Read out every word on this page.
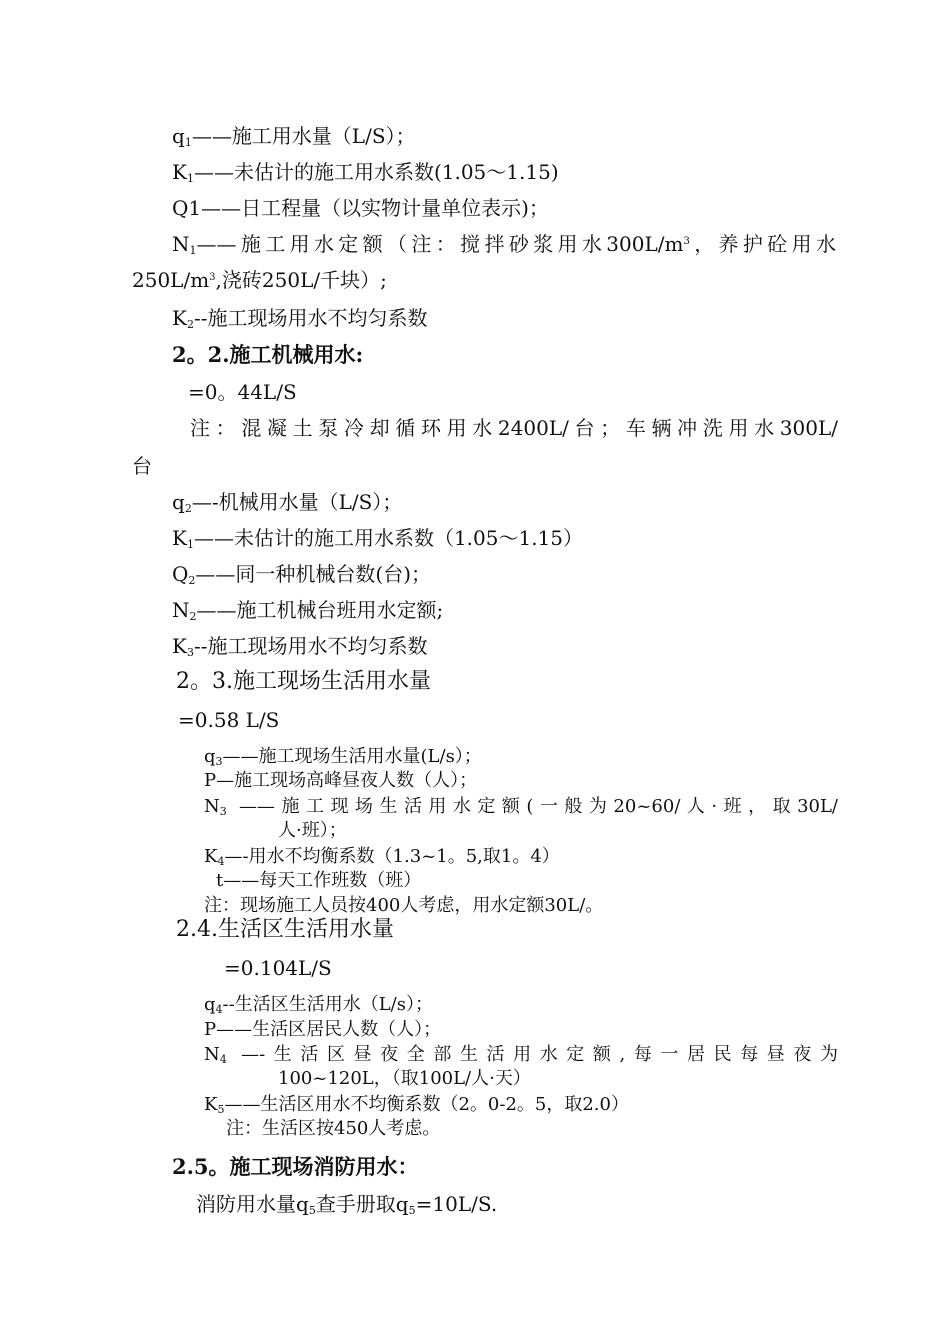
$q_1——$施工用水量（L/S）；
$K_1——$未估计的施工用水系数(1.05～1.15)
Q1——日工程量（以实物计量单位表示)；
$N_1——$施工用水定额（注：搅拌砂浆用水$300L/m^3$，养护砼用水
$250L/m^3$,浇砖250L/千块）;
$K_2--$施工现场用水不均匀系数
2。2.施工机械用水:
=0。44L/S
注：混凝土泵冷却循环用水2400L/台；车辆冲洗用水300L/
台
$q_2—-$机械用水量（L/S）；
$K_1——$未估计的施工用水系数（1.05～1.15）
$Q_2——$同一种机械台数(台)；
$N_2——$施工机械台班用水定额;
$K_3--$施工现场用水不均匀系数
2。3.施工现场生活用水量
=0.58 L/S
$q_3——$施工现场生活用水量(L/s）；
P—施工现场高峰昼夜人数（人）；
$N_3$ ——施工现场生活用水定额(一般为20~60/人·班，取30L/
人·班）；
$K_4—-$用水不均衡系数（1.3~1。5,取1。4）
t——每天工作班数（班）
注：现场施工人员按400人考虑，用水定额30L/。
2.4.生活区生活用水量
=0.104L/S
$q_4--$生活区生活用水（L/s）；
P——生活区居民人数（人）；
$N_4$ —-生活区昼夜全部生活用水定额,每一居民每昼夜为
100~120L，（取100L/人·天）
$K_5——$生活区用水不均衡系数（2。0-2。5，取2.0）
注：生活区按450人考虑。
2.5。施工现场消防用水：
消防用水量$q_5$查手册取$q_5=10L/S$.
